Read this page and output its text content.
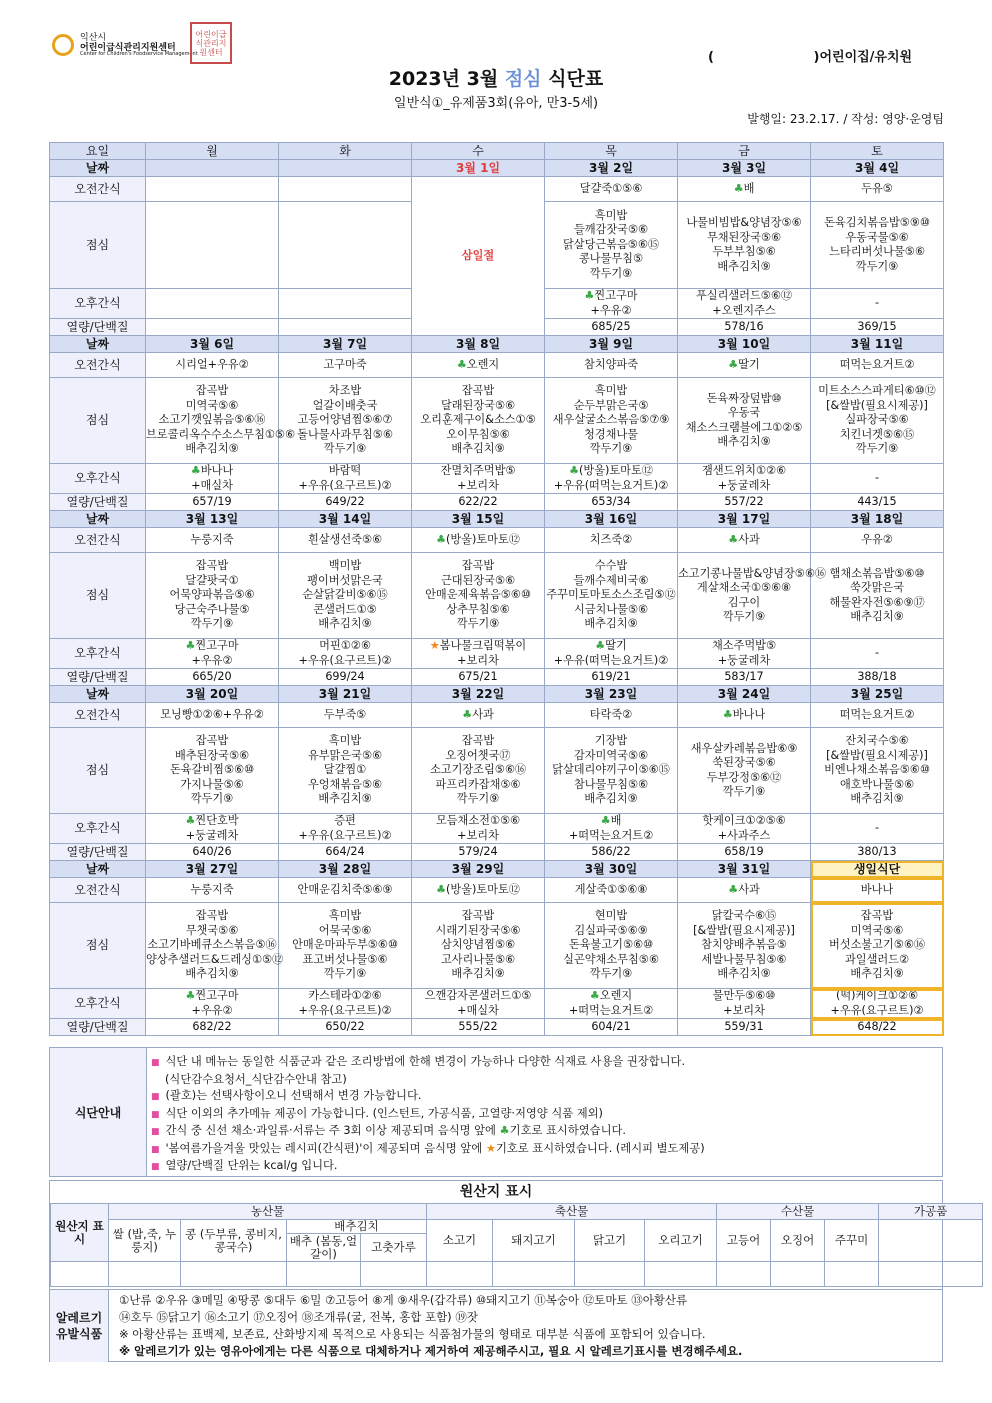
익산시
어린이급식관리지원센터
Center for Children's Foodservice Management
어린이급식관리지원센터	(                      )어린이집/유치원
2023년 3월 점심 식단표
일반식①_유제품3회(유아, 만3-5세)
발행일: 23.2.17. / 작성: 영양·운영팀
요일	월	화	수	목	금	토
날짜			3월 1일	3월 2일	3월 3일	3월 4일
오전간식			삼일절	달걀죽①⑤⑥	♣배	두유⑤
점심				흑미밥
들깨감잣국⑤⑥
닭살당근볶음⑤⑥⑮
콩나물무침⑤
깍두기⑨	나물비빔밥&양념장⑤⑥
무채된장국⑤⑥
두부부침⑤⑥
배추김치⑨	돈육김치볶음밥⑤⑨⑩
우동국물⑤⑥
느타리버섯나물⑤⑥
깍두기⑨

오후간식				♣찐고구마
+우유②	푸실리샐러드⑤⑥⑫
+오렌지주스	-

열량/단백질				685/25	578/16	369/15
날짜	3월 6일	3월 7일	3월 8일	3월 9일	3월 10일	3월 11일
오전간식	시리얼+우유②	고구마죽	♣오렌지	참치양파죽	♣딸기	떠먹는요거트②
점심	잡곡밥
미역국⑤⑥
소고기깻잎볶음⑤⑥⑯
브로콜리옥수수소스무침①⑤⑥
배추김치⑨	차조밥
얼갈이배춧국
고등어양념찜⑤⑥⑦
돌나물사과무침⑤⑥
깍두기⑨	잡곡밥
달래된장국⑤⑥
오리훈제구이&소스①⑤
오이무침⑤⑥
배추김치⑨	흑미밥
순두부맑은국⑤
새우살굴소스볶음⑤⑦⑨
청경채나물
깍두기⑨	돈육짜장덮밥⑩
우동국
채소스크램블에그①②⑤
배추김치⑨	미트소스스파게티⑥⑩⑫
[&쌀밥(필요시제공)]
실파장국⑤⑥
치킨너겟⑤⑥⑮
깍두기⑨

오후간식	♣바나나
+매실차	바람떡
+우유(요구르트)②	잔멸치주먹밥⑤
+보리차	♣(방울)토마토⑫
+우유(떠먹는요거트)②	잼샌드위치①②⑥
+둥굴레차	-

열량/단백질	657/19	649/22	622/22	653/34	557/22	443/15
날짜	3월 13일	3월 14일	3월 15일	3월 16일	3월 17일	3월 18일
오전간식	누룽지죽	흰살생선죽⑤⑥	♣(방울)토마토⑫	치즈죽②	♣사과	우유②
점심	잡곡밥
달걀팟국①
어묵양파볶음⑤⑥
당근숙주나물⑤
깍두기⑨	백미밥
팽이버섯맑은국
순살닭갈비⑤⑥⑮
콘샐러드①⑤
배추김치⑨	잡곡밥
근대된장국⑤⑥
안매운제육볶음⑤⑥⑩
상추무침⑤⑥
깍두기⑨	수수밥
들깨수제비국⑥
주꾸미토마토소스조림⑤⑫
시금치나물⑤⑥
배추김치⑨	소고기콩나물밥&양념장⑤⑥⑯
게살채소국①⑤⑥⑧
김구이
깍두기⑨	햄채소볶음밥⑤⑥⑩
쑥갓맑은국
해물완자전⑤⑥⑨⑰
배추김치⑨

오후간식	♣찐고구마
+우유②	머핀①②⑥
+우유(요구르트)②	★봄나물크림떡볶이
+보리차	♣딸기
+우유(떠먹는요거트)②	채소주먹밥⑤
+둥굴레차	-

열량/단백질	665/20	699/24	675/21	619/21	583/17	388/18
날짜	3월 20일	3월 21일	3월 22일	3월 23일	3월 24일	3월 25일
오전간식	모닝빵①②⑥+우유②	두부죽⑤	♣사과	타락죽②	♣바나나	떠먹는요거트②
점심	잡곡밥
배추된장국⑤⑥
돈육갈비찜⑤⑥⑩
가지나물⑤⑥
깍두기⑨	흑미밥
유부맑은국⑤⑥
달걀찜①
우엉채볶음⑤⑥
배추김치⑨	잡곡밥
오징어챗국⑰
소고기장조림⑤⑥⑯
파프리카잡채⑤⑥
깍두기⑨	기장밥
감자미역국⑤⑥
닭살데리야끼구이⑤⑥⑮
참나물무침⑤⑥
배추김치⑨	새우살카레볶음밥⑥⑨
쑥된장국⑤⑥
두부강정⑤⑥⑫
깍두기⑨	잔치국수⑤⑥
[&쌀밥(필요시제공)]
비엔나채소볶음⑤⑥⑩
애호박나물⑤⑥
배추김치⑨

오후간식	♣찐단호박
+둥굴레차	증편
+우유(요구르트)②	모듬채소전①⑤⑥
+보리차	♣배
+떠먹는요거트②	핫케이크①②⑤⑥
+사과주스	-

열량/단백질	640/26	664/24	579/24	586/22	658/19	380/13
날짜	3월 27일	3월 28일	3월 29일	3월 30일	3월 31일	생일식단
오전간식	누룽지죽	안매운김치죽⑤⑥⑨	♣(방울)토마토⑫	게살죽①⑤⑥⑧	♣사과	바나나
점심	잡곡밥
무챗국⑤⑥
소고기바베큐소스볶음⑤⑯
양상추샐러드&드레싱①⑤⑫
배추김치⑨	흑미밥
어묵국⑤⑥
안매운마파두부⑤⑥⑩
표고버섯나물⑤⑥
깍두기⑨	잡곡밥
시래기된장국⑤⑥
삼치양념찜⑤⑥
고사리나물⑤⑥
배추김치⑨	현미밥
김실파국⑤⑥⑨
돈육불고기⑤⑥⑩
실곤약채소무침⑤⑥
깍두기⑨	닭칼국수⑥⑮
[&쌀밥(필요시제공)]
참치양배추볶음⑤
세발나물무침⑤⑥
배추김치⑨	잡곡밥
미역국⑤⑥
버섯소불고기⑤⑥⑯
과일샐러드②
배추김치⑨

오후간식	♣찐고구마
+우유②	카스테라①②⑥
+우유(요구르트)②	으깬감자콘샐러드①⑤
+매실차	♣오렌지
+떠먹는요거트②	물만두⑤⑥⑩
+보리차	(떡)케이크①②⑥
+우유(요구르트)②

열량/단백질	682/22	650/22	555/22	604/21	559/31	648/22
식단안내
■ 식단 내 메뉴는 동일한 식품군과 같은 조리방법에 한해 변경이 가능하나 다양한 식재료 사용을 권장합니다.
(식단감수요청서_식단감수안내 참고)
■ (괄호)는 선택사항이오니 선택해서 변경 가능합니다.
■ 식단 이외의 추가메뉴 제공이 가능합니다. (인스턴트, 가공식품, 고열량·저영양 식품 제외)
■ 간식 중 신선 채소·과일류·서류는 주 3회 이상 제공되며 음식명 앞에 ♣기호로 표시하였습니다.
■ '봄여름가을겨울 맛있는 레시피(간식편)'이 제공되며 음식명 앞에 ★기호로 표시하였습니다. (레시피 별도제공)
■ 열량/단백질 단위는 kcal/g 입니다.
원산지 표시
원산지 표시	농산물				축산물				수산물			가공품
	쌀 (밥,죽, 누룽지)	콩 (두부류, 콩비지,콩국수)	배추김치		소고기	돼지고기	닭고기	오리고기	고등어	오징어	주꾸미	
			배추 (봄동,얼갈이)	고춧가루								

알레르기 유발식품
①난류 ②우유 ③메밀 ④땅콩 ⑤대두 ⑥밀 ⑦고등어 ⑧게 ⑨새우(갑각류) ⑩돼지고기 ⑪복숭아 ⑫토마토 ⑬아황산류
⑭호두 ⑮닭고기 ⑯소고기 ⑰오징어 ⑱조개류(굴, 전복, 홍합 포함) ⑲잣
※ 아황산류는 표백제, 보존료, 산화방지제 목적으로 사용되는 식품첨가물의 형태로 대부분 식품에 포함되어 있습니다.
※ 알레르기가 있는 영유아에게는 다른 식품으로 대체하거나 제거하여 제공해주시고, 필요 시 알레르기표시를 변경해주세요.
